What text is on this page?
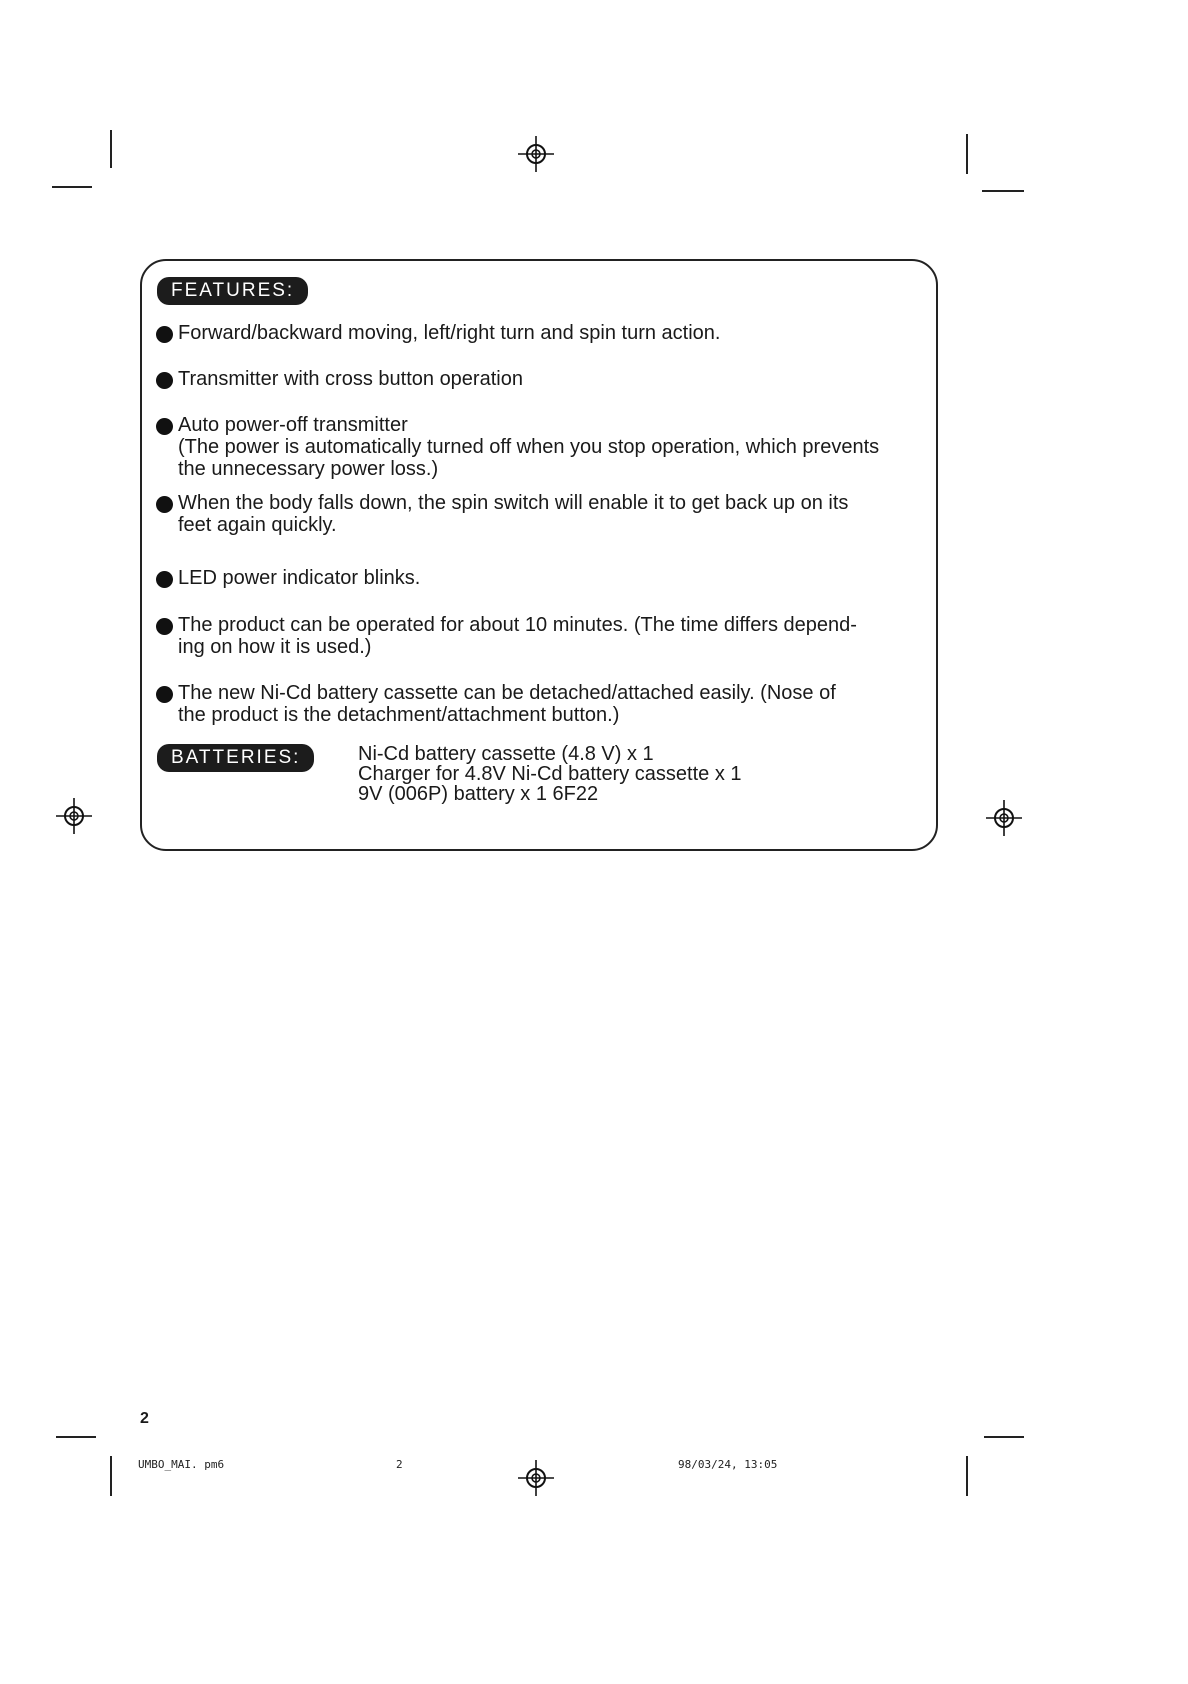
FEATURES:
Forward/backward moving, left/right turn and spin turn action.
Transmitter with cross button operation
Auto power-off transmitter
(The power is automatically turned off when you stop operation, which prevents
the unnecessary power loss.)
When the body falls down, the spin switch will enable it to get back up on its
feet again quickly.
LED power indicator blinks.
The product can be operated for about 10 minutes. (The time differs depend-
ing on how it is used.)
The new Ni-Cd battery cassette can be detached/attached easily. (Nose of
the product is the detachment/attachment button.)
BATTERIES:	Ni-Cd battery cassette (4.8 V) x 1
Charger for 4.8V Ni-Cd battery cassette x 1
9V (006P) battery x 1 6F22
2
UMBO_MAI. pm6	2	98/03/24, 13:05
